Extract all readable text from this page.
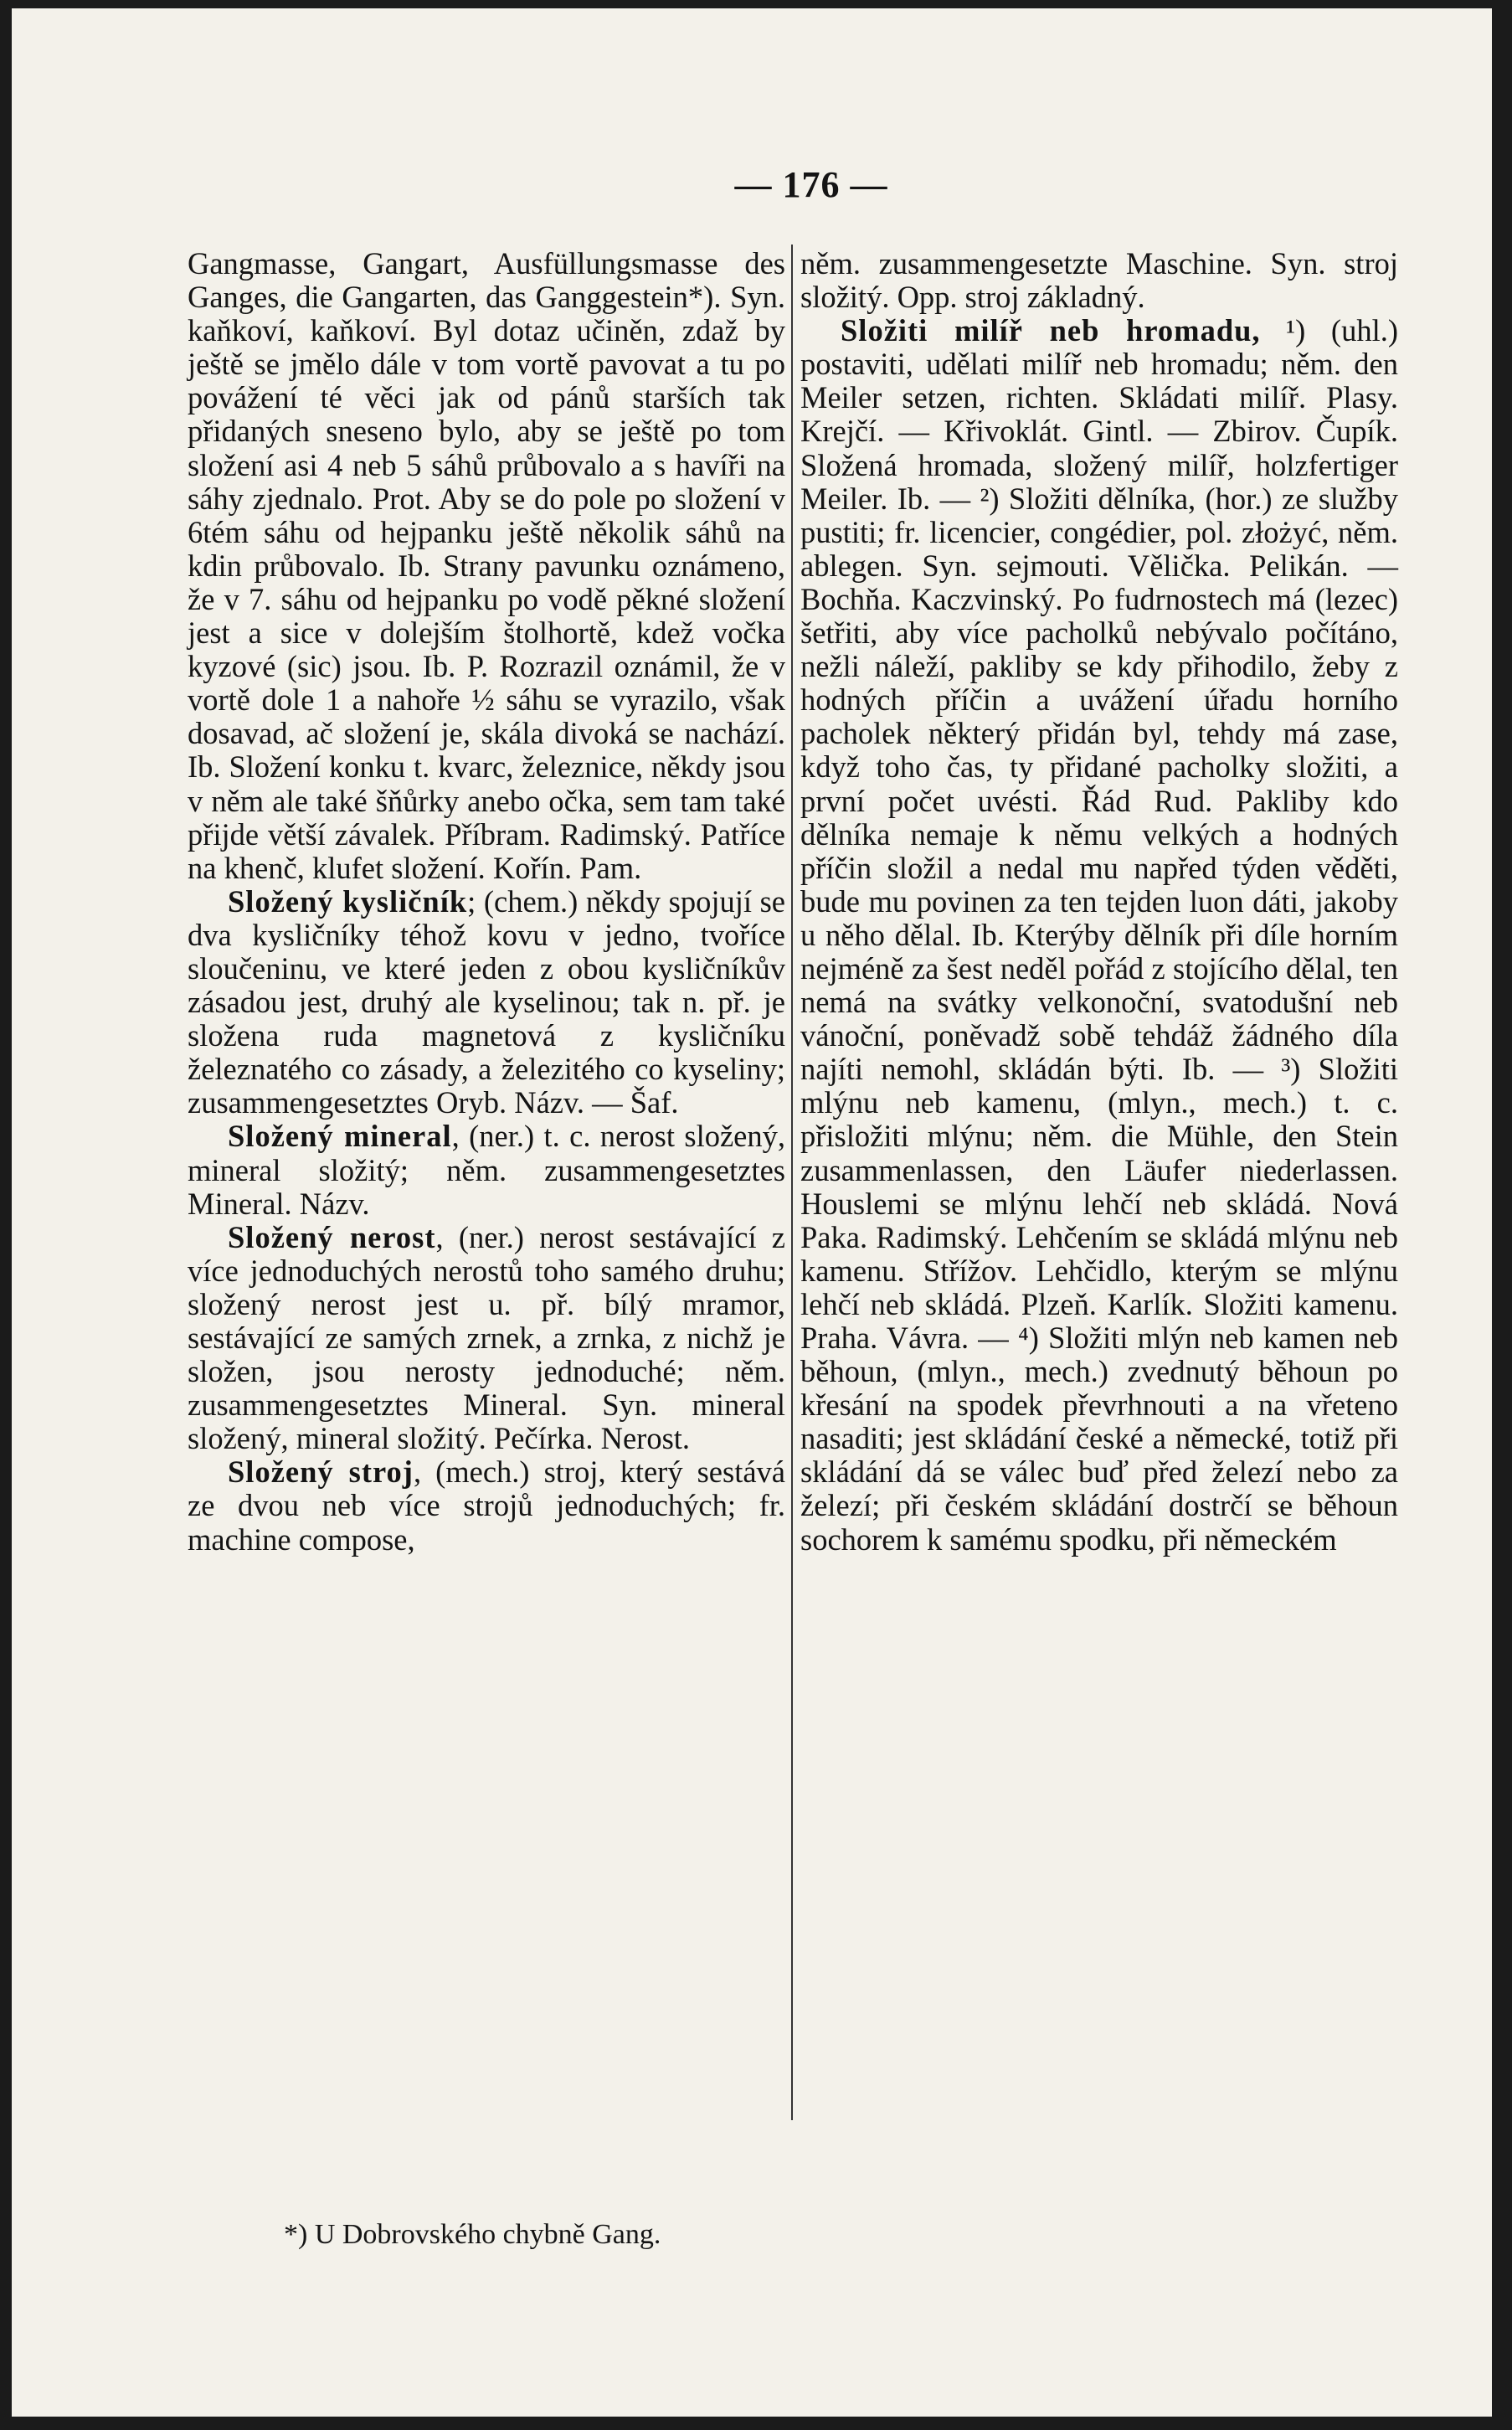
— 176 —

Gangmasse, Gangart, Ausfüllungsmasse des Ganges, die Gangarten, das Ganggestein*). Syn. kaňkoví, kaňkoví. Byl dotaz učiněn, zdaž by ještě se jmělo dále v tom vortě pavovat a tu po povážení té věci jak od pánů starších tak přidaných sneseno bylo, aby se ještě po tom složení asi 4 neb 5 sáhů průbovalo a s havíři na sáhy zjednalo. Prot. Aby se do pole po složení v 6tém sáhu od hejpanku ještě několik sáhů na kdin průbovalo. Ib. Strany pavunku oznámeno, že v 7. sáhu od hejpanku po vodě pěkné složení jest a sice v dolejším štolhortě, kdež vočka kyzové (sic) jsou. Ib. P. Rozrazil oznámil, že v vortě dole 1 a nahoře ½ sáhu se vyrazilo, však dosavad, ač složení je, skála divoká se nachází. Ib. Složení konku t. kvarc, železnice, někdy jsou v něm ale také šňůrky anebo očka, sem tam také přijde větší závalek. Příbram. Radimský. Patříce na khenč, klufet složení. Kořín. Pam.

Složený kysličník; (chem.) někdy spojují se dva kysličníky téhož kovu v jedno, tvoříce sloučeninu, ve které jeden z obou kysličníkův zásadou jest, druhý ale kyselinou; tak n. př. je složena ruda magnetová z kysličníku železnatého co zásady, a železitého co kyseliny; zusammengesetztes Oryb. Názv. — Šaf.

Složený mineral, (ner.) t. c. nerost složený, mineral složitý; něm. zusammengesetztes Mineral. Názv.

Složený nerost, (ner.) nerost sestávající z více jednoduchých nerostů toho samého druhu; složený nerost jest u. př. bílý mramor, sestávající ze samých zrnek, a zrnka, z nichž je složen, jsou nerosty jednoduché; něm. zusammengesetztes Mineral. Syn. mineral složený, mineral složitý. Pečírka. Nerost.

Složený stroj, (mech.) stroj, který sestává ze dvou neb více strojů jednoduchých; fr. machine compose,

něm. zusammengesetzte Maschine. Syn. stroj složitý. Opp. stroj základný.

Složiti milíř neb hromadu, ¹) (uhl.) postaviti, udělati milíř neb hromadu; něm. den Meiler setzen, richten. Skládati milíř. Plasy. Krejčí. — Křivoklát. Gintl. — Zbirov. Čupík. Složená hromada, složený milíř, holzfertiger Meiler. Ib. — ²) Složiti dělníka, (hor.) ze služby pustiti; fr. licencier, congédier, pol. złożyć, něm. ablegen. Syn. sejmouti. Vělička. Pelikán. — Bochňa. Kaczvinský. Po fudrnostech má (lezec) šetřiti, aby více pacholků nebývalo počítáno, nežli náleží, pakliby se kdy přihodilo, žeby z hodných příčin a uvážení úřadu horního pacholek některý přidán byl, tehdy má zase, když toho čas, ty přidané pacholky složiti, a první počet uvésti. Řád Rud. Pakliby kdo dělníka nemaje k němu velkých a hodných příčin složil a nedal mu napřed týden věděti, bude mu povinen za ten tejden luon dáti, jakoby u něho dělal. Ib. Kterýby dělník při díle horním nejméně za šest neděl pořád z stojícího dělal, ten nemá na svátky velkonoční, svatodušní neb vánoční, poněvadž sobě tehdáž žádného díla najíti nemohl, skládán býti. Ib. — ³) Složiti mlýnu neb kamenu, (mlyn., mech.) t. c. přisložiti mlýnu; něm. die Mühle, den Stein zusammenlassen, den Läufer niederlassen. Houslemi se mlýnu lehčí neb skládá. Nová Paka. Radimský. Lehčením se skládá mlýnu neb kamenu. Střížov. Lehčidlo, kterým se mlýnu lehčí neb skládá. Plzeň. Karlík. Složiti kamenu. Praha. Vávra. — ⁴) Složiti mlýn neb kamen neb běhoun, (mlyn., mech.) zvednutý běhoun po křesání na spodek převrhnouti a na vřeteno nasaditi; jest skládání české a německé, totiž při skládání dá se válec buď před železí nebo za železí; při českém skládání dostrčí se běhoun sochorem k samému spodku, při německém

*) U Dobrovského chybně Gang.
